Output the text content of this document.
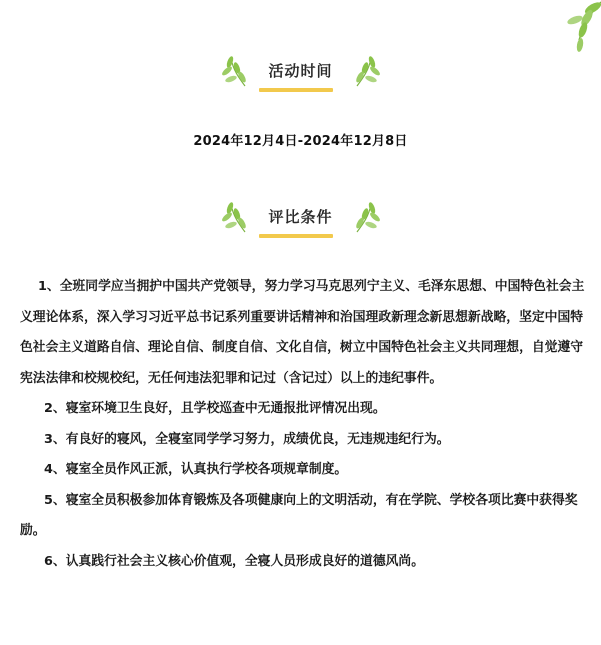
活动时间
2024年12月4日-2024年12月8日
评比条件

1、全班同学应当拥护中国共产党领导，努力学习马克思列宁主义、毛泽东思想、中国特色社会主义理论体系，深入学习习近平总书记系列重要讲话精神和治国理政新理念新思想新战略，坚定中国特色社会主义道路自信、理论自信、制度自信、文化自信，树立中国特色社会主义共同理想，自觉遵守宪法法律和校规校纪，无任何违法犯罪和记过（含记过）以上的违纪事件。

2、寝室环境卫生良好，且学校巡查中无通报批评情况出现。

3、有良好的寝风，全寝室同学学习努力，成绩优良，无违规违纪行为。

4、寝室全员作风正派，认真执行学校各项规章制度。

5、寝室全员积极参加体育锻炼及各项健康向上的文明活动，有在学院、学校各项比赛中获得奖励。

6、认真践行社会主义核心价值观，全寝人员形成良好的道德风尚。
